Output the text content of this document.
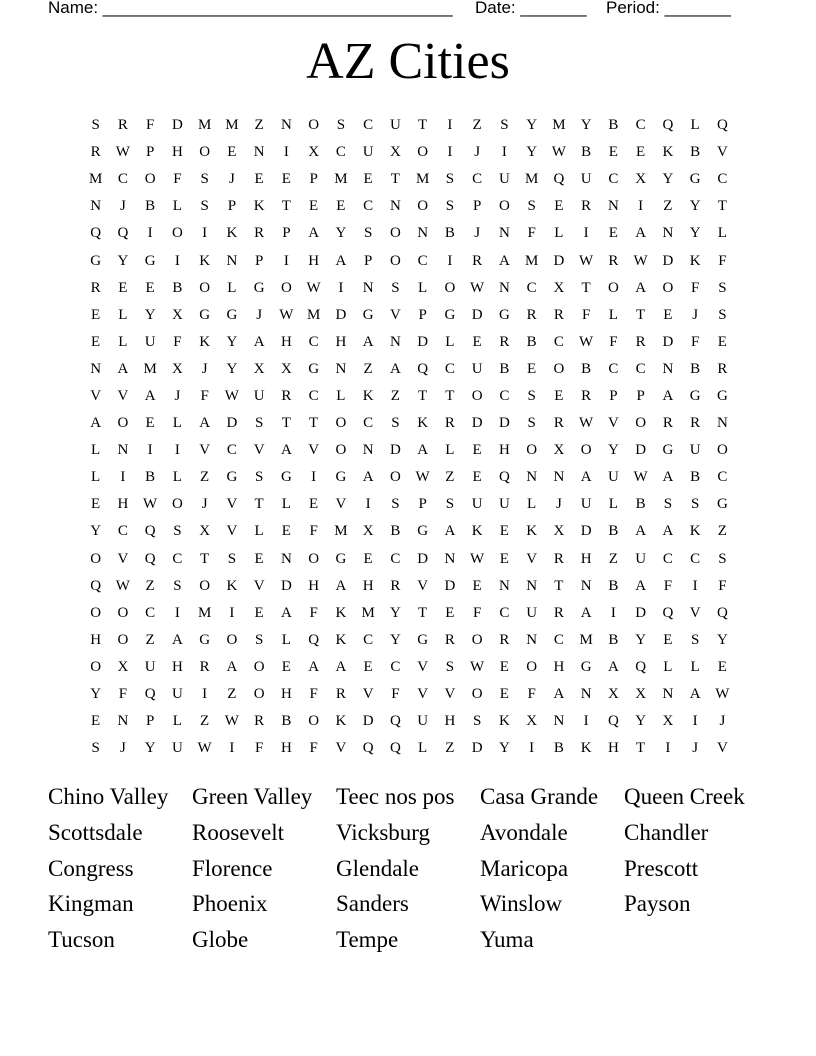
Name: _____________________________________ Date: _______ Period: _______
AZ Cities
S	R	F	D	M M	Z	N	O	S	C	U	T	I	Z	S	Y	M	Y	B	C	Q	L	Q
R	W	P	H	O	E	N	I	X	C	U	X	O	I	J	I	Y W	B	E	E	K	B	V
M	C	O	F	S	J	E	E	P	M	E	T	M	S	C	U	M	Q	U	C	X	Y	G	C
N	J	B	L	S	P	K	T	E	E	C	N	O	S	P	O	S	E	R	N	I	Z	Y	T
Q	Q	I	O	I	K	R	P	A	Y	S	O	N	B	J	N	F	L	I	E	A	N	Y	L
G	Y	G	I	K	N	P	I	H	A	P	O	C	I	R	A	M	D W	R	W D	K	F
R	E	E	B	O	L	G	O W	I	N	S	L	O W N	C	X	T	O	A	O	F	S
E	L	Y	X	G	G	J	W M	D	G	V	P	G	D	G	R	R	F	L	T	E	J	S
E	L	U	F	K	Y	A	H	C	H	A	N	D	L	E	R	B	C	W	F	R	D	F	E
N	A	M	X	J	Y	X	X	G	N	Z	A	Q	C	U	B	E	O	B	C	C	N	B	R
V	V	A	J	F	W U	R	C	L	K	Z	T	T	O	C	S	E	R	P	P	A	G	G
A	O	E	L	A	D	S	T	T	O	C	S	K	R	D	D	S	R	W V	O	R	R	N
L	N	I	I	V	C	V	A	V	O	N	D	A	L	E	H	O	X	O	Y	D	G	U	O
L	I	B	L	Z	G	S	G	I	G	A	O W	Z	E	Q	N	N	A	U W A	B	C
E	H W O	J	V	T	L	E	V	I	S	P	S	U	U	L	J	U	L	B	S	S	G
Y	C	Q	S	X	V	L	E	F	M	X	B	G	A	K	E	K	X	D	B	A	A	K	Z
O	V	Q	C	T	S	E	N	O	G	E	C	D	N W	E	V	R	H	Z	U	C	C	S
Q W	Z	S	O	K	V	D	H	A	H	R	V	D	E	N	N	T	N	B	A	F	I	F
O	O	C	I	M	I	E	A	F	K	M	Y	T	E	F	C	U	R	A	I	D	Q	V	Q
H	O	Z	A	G	O	S	L	Q	K	C	Y	G	R	O	R	N	C	M	B	Y	E	S	Y
O	X	U	H	R	A	O	E	A	A	E	C	V	S	W	E	O	H	G	A	Q	L	L	E
Y	F	Q	U	I	Z	O	H	F	R	V	F	V	V	O	E	F	A	N	X	X	N	A W
E	N	P	L	Z	W	R	B	O	K	D	Q	U	H	S	K	X	N	I	Q	Y	X	I	J
S	J	Y	U W	I	F	H	F	V	Q	Q	L	Z	D	Y	I	B	K	H	T	I	J	V
Chino Valley	Green Valley	Teec nos pos	Casa Grande	Queen Creek
Scottsdale	Roosevelt	Vicksburg	Avondale	Chandler
Congress	Florence	Glendale	Maricopa	Prescott
Kingman	Phoenix	Sanders	Winslow	Payson
Tucson	Globe	Tempe	Yuma
